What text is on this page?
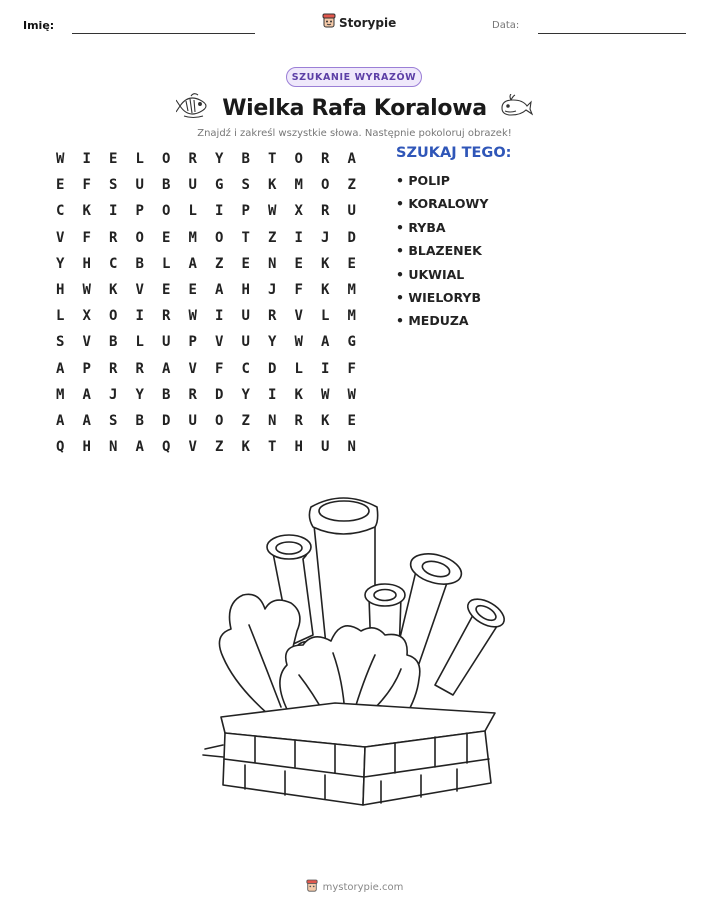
Imię:	Storypie	Data:
SZUKANIE WYRAZÓW
Wielka Rafa Koralowa
Znajdź i zakreśl wszystkie słowa. Następnie pokoloruj obrazek!
W	I	E	L	O	R	Y	B	T	O	R	A
E	F	S	U	B	U	G	S	K	M	O	Z
C	K	I	P	O	L	I	P	W	X	R	U
V	F	R	O	E	M	O	T	Z	I	J	D
Y	H	C	B	L	A	Z	E	N	E	K	E
H	W	K	V	E	E	A	H	J	F	K	M
L	X	O	I	R	W	I	U	R	V	L	M
S	V	B	L	U	P	V	U	Y	W	A	G
A	P	R	R	A	V	F	C	D	L	I	F
M	A	J	Y	B	R	D	Y	I	K	W	W
A	A	S	B	D	U	O	Z	N	R	K	E
Q	H	N	A	Q	V	Z	K	T	H	U	N
SZUKAJ TEGO:
• POLIP
• KORALOWY
• RYBA
• BLAZENEK
• UKWIAL
• WIELORYB
• MEDUZA
mystorypie.com
